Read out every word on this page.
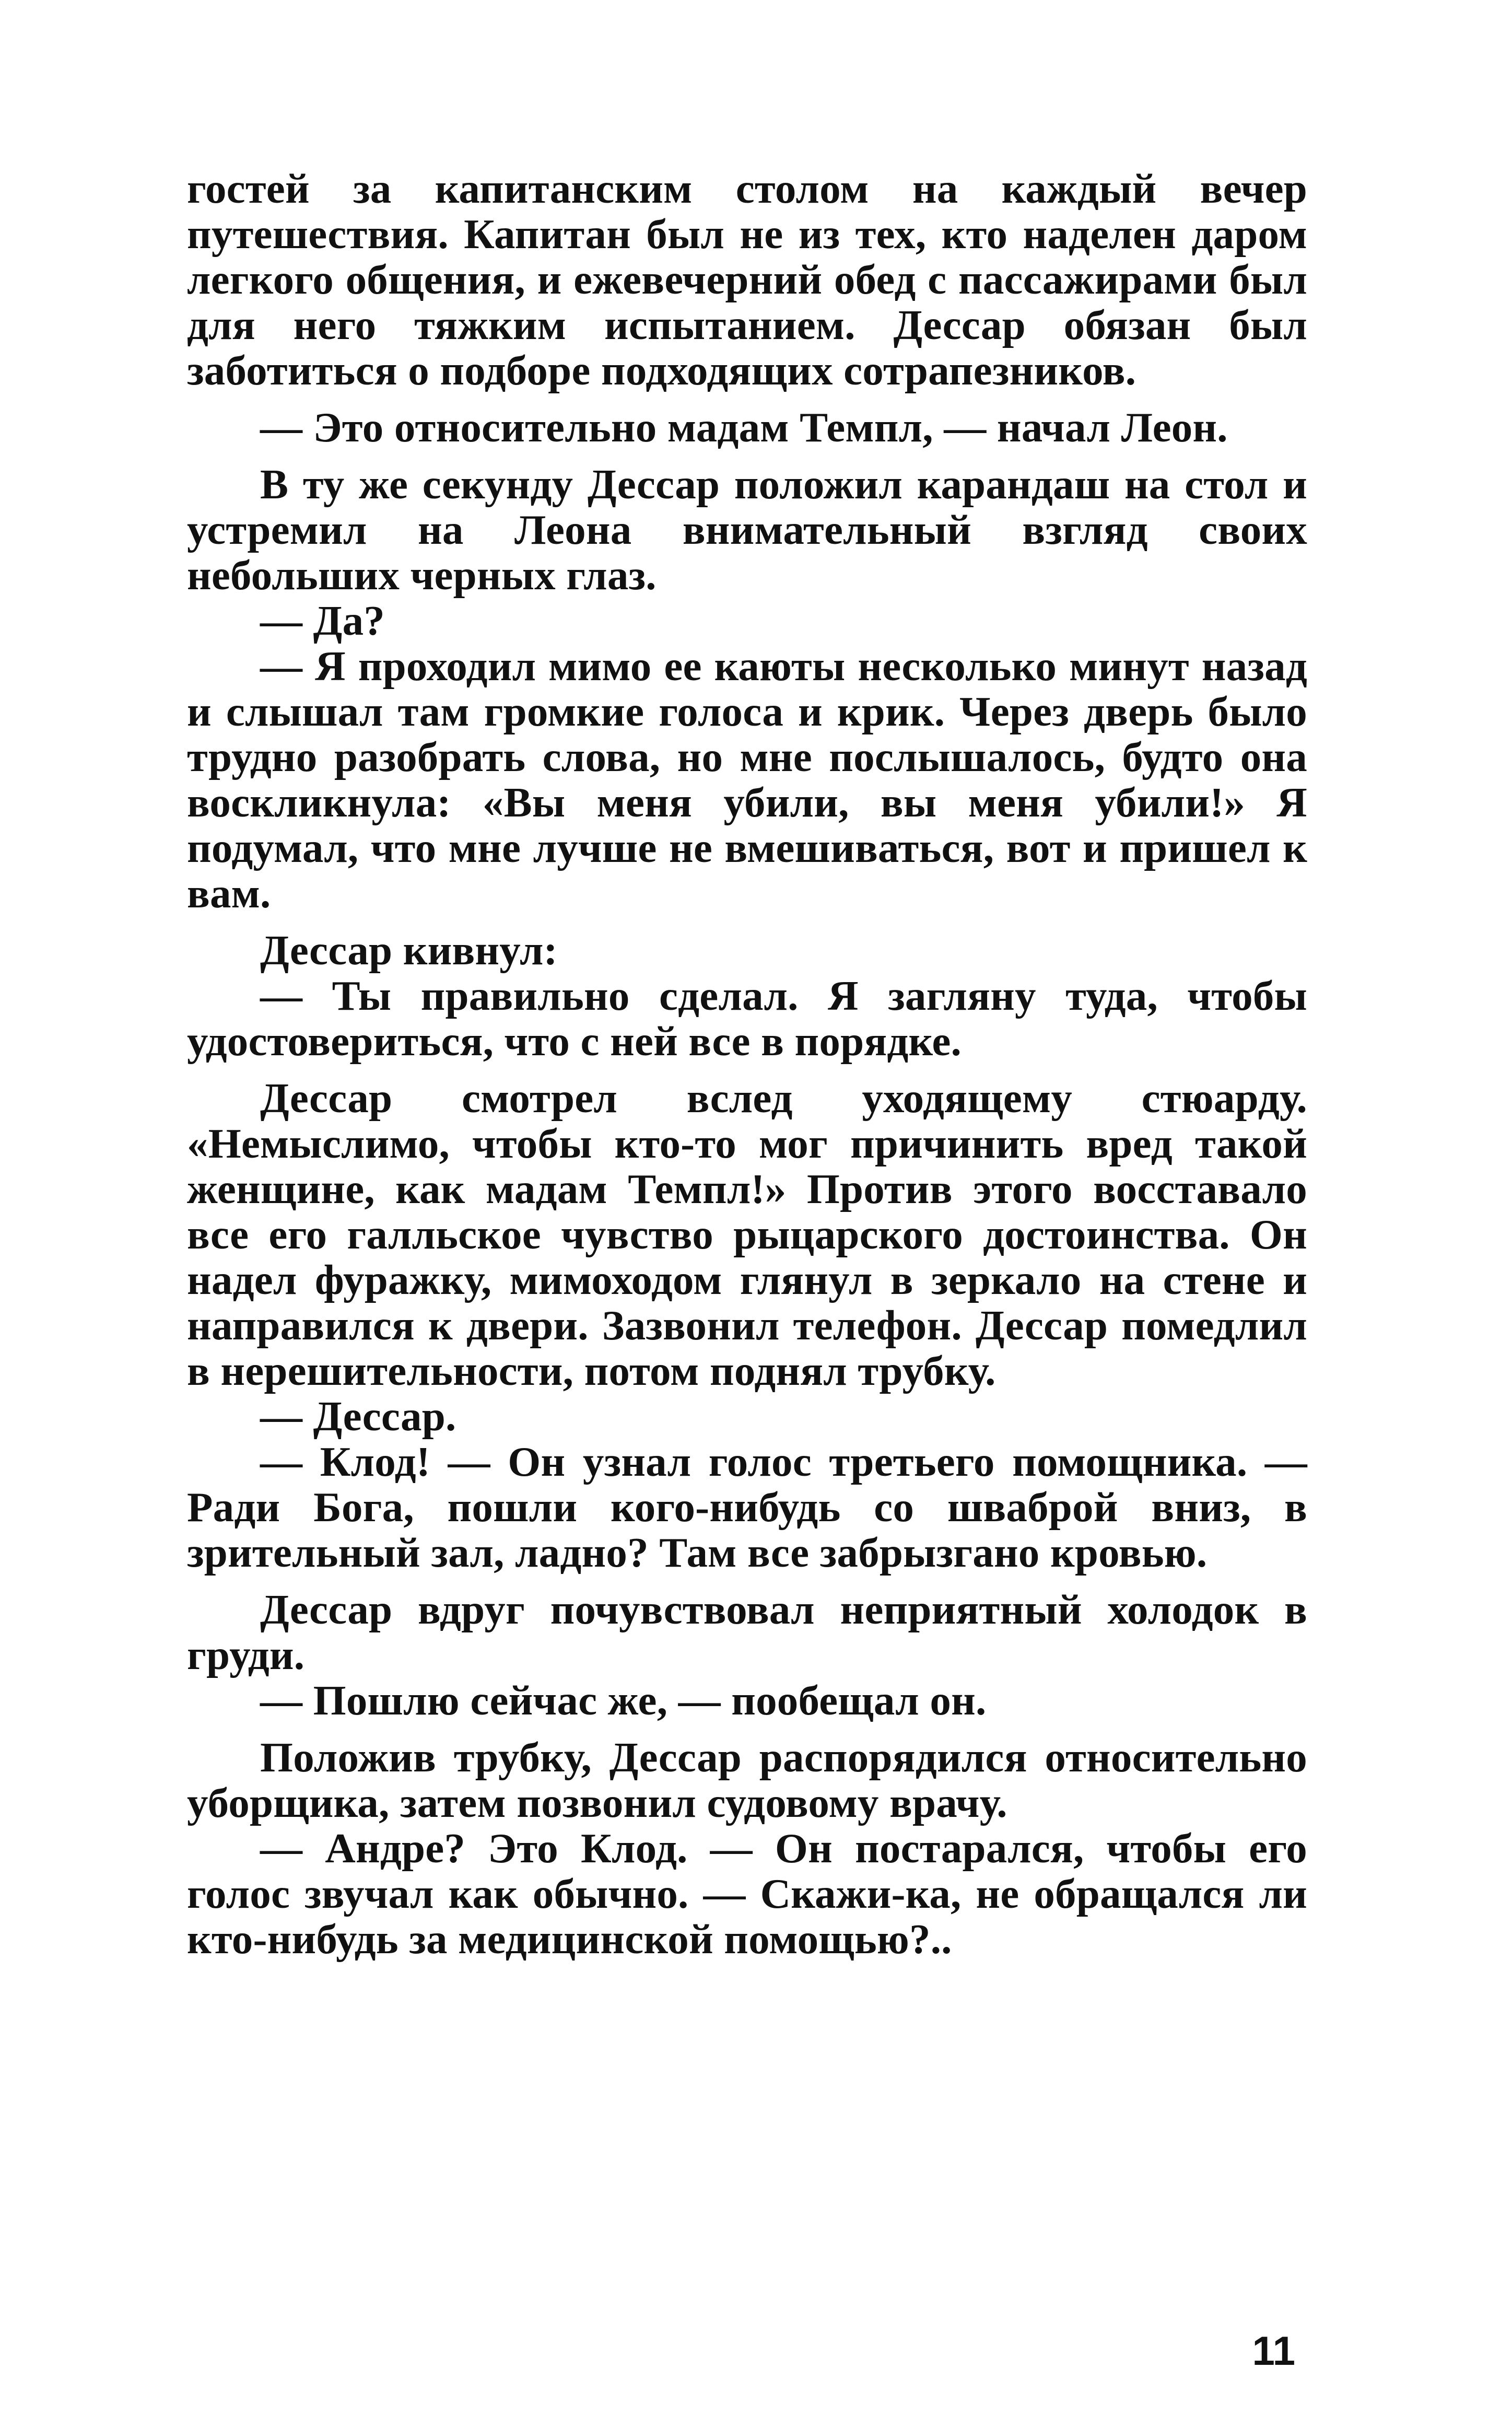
гостей за капитанским столом на каждый вечер путешествия. Капитан был не из тех, кто наделен даром легкого общения, и ежевечерний обед с пассажирами был для него тяжким испытанием. Дессар обязан был заботиться о подборе подходящих сотрапезников.

— Это относительно мадам Темпл, — начал Леон.

В ту же секунду Дессар положил карандаш на стол и устремил на Леона внимательный взгляд своих небольших черных глаз.

— Да?

— Я проходил мимо ее каюты несколько минут назад и слышал там громкие голоса и крик. Через дверь было трудно разобрать слова, но мне послышалось, будто она воскликнула: «Вы меня убили, вы меня убили!» Я подумал, что мне лучше не вмешиваться, вот и пришел к вам.

Дессар кивнул:

— Ты правильно сделал. Я загляну туда, чтобы удостовериться, что с ней все в порядке.

Дессар смотрел вслед уходящему стюарду. «Немыслимо, чтобы кто-то мог причинить вред такой женщине, как мадам Темпл!» Против этого восставало все его галльское чувство рыцарского достоинства. Он надел фуражку, мимоходом глянул в зеркало на стене и направился к двери. Зазвонил телефон. Дессар помедлил в нерешительности, потом поднял трубку.

— Дессар.

— Клод! — Он узнал голос третьего помощника. — Ради Бога, пошли кого-нибудь со шваброй вниз, в зрительный зал, ладно? Там все забрызгано кровью.

Дессар вдруг почувствовал неприятный холодок в груди.

— Пошлю сейчас же, — пообещал он.

Положив трубку, Дессар распорядился относительно уборщика, затем позвонил судовому врачу.

— Андре? Это Клод. — Он постарался, чтобы его голос звучал как обычно. — Скажи-ка, не обращался ли кто-нибудь за медицинской помощью?..

11
